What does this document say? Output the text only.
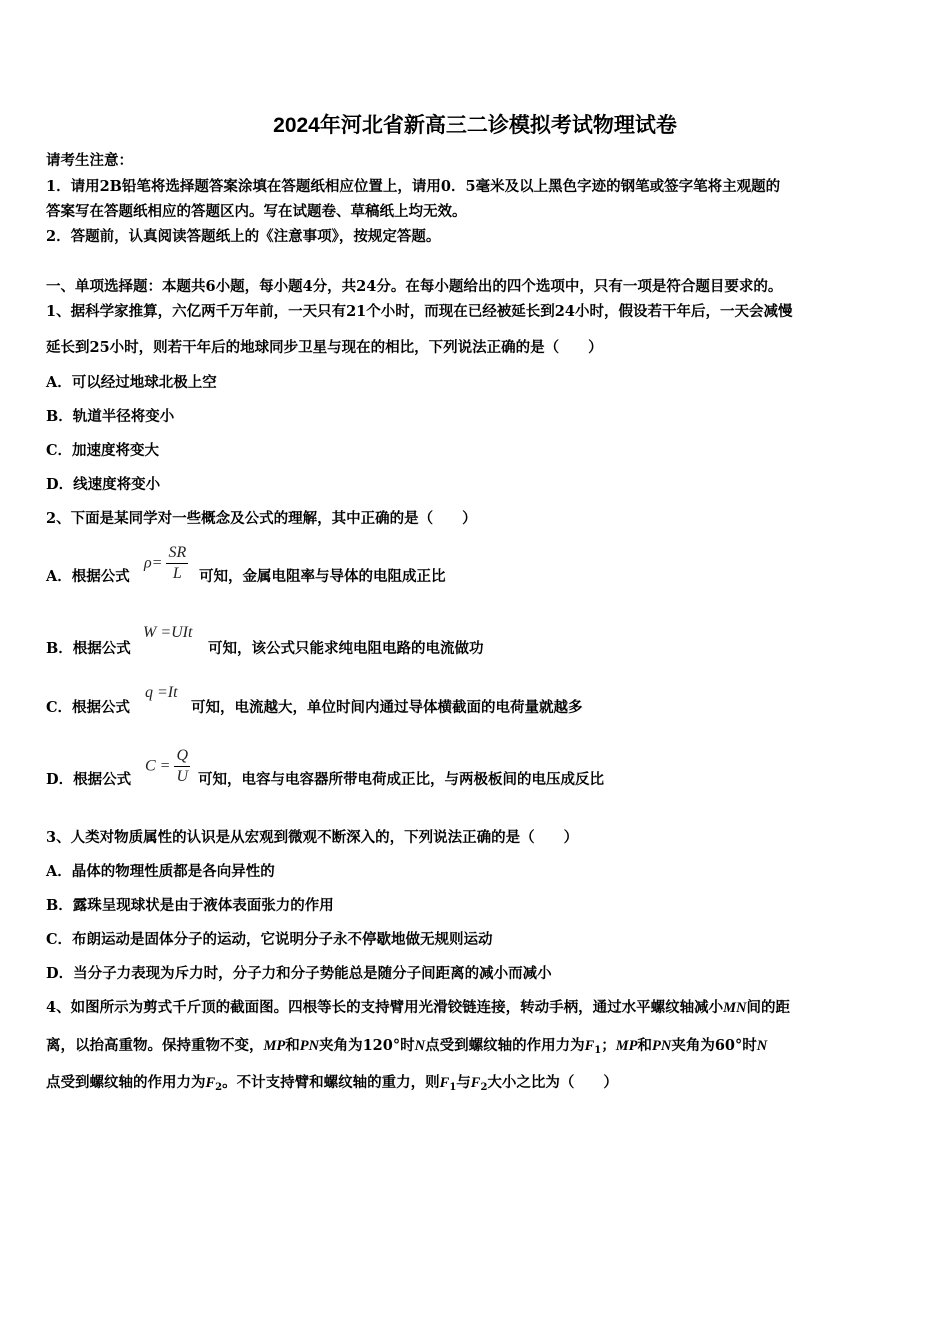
2024年河北省新高三二诊模拟考试物理试卷
请考生注意：
1．请用2B铅笔将选择题答案涂填在答题纸相应位置上，请用0．5毫米及以上黑色字迹的钢笔或签字笔将主观题的
答案写在答题纸相应的答题区内。写在试题卷、草稿纸上均无效。
2．答题前，认真阅读答题纸上的《注意事项》，按规定答题。
一、单项选择题：本题共6小题，每小题4分，共24分。在每小题给出的四个选项中，只有一项是符合题目要求的。
1、据科学家推算，六亿两千万年前，一天只有21个小时，而现在已经被延长到24小时，假设若干年后，一天会减慢
延长到25小时，则若干年后的地球同步卫星与现在的相比，下列说法正确的是（　　）
A．可以经过地球北极上空
B．轨道半径将变小
C．加速度将变大
D．线速度将变小
2、下面是某同学对一些概念及公式的理解，其中正确的是（　　）
A．根据公式
$\rho= \frac{SR}{L}$ 可知，金属电阻率与导体的电阻成正比
B．根据公式
W =UIt
可知，该公式只能求纯电阻电路的电流做功
C．根据公式
q =It
可知，电流越大，单位时间内通过导体横截面的电荷量就越多
D．根据公式
$C = \frac{Q}{U}$ 可知，电容与电容器所带电荷成正比，与两极板间的电压成反比
3、人类对物质属性的认识是从宏观到微观不断深入的，下列说法正确的是（　　）
A．晶体的物理性质都是各向异性的
B．露珠呈现球状是由于液体表面张力的作用
C．布朗运动是固体分子的运动，它说明分子永不停歇地做无规则运动
D．当分子力表现为斥力时，分子力和分子势能总是随分子间距离的减小而减小
4、如图所示为剪式千斤顶的截面图。四根等长的支持臂用光滑铰链连接，转动手柄，通过水平螺纹轴减小MN间的距
离，以抬高重物。保持重物不变，MP和PN夹角为120°时N点受到螺纹轴的作用力为$F_1$；MP和PN夹角为60°时N
点受到螺纹轴的作用力为$F_2$。不计支持臂和螺纹轴的重力，则$F_1$与$F_2$大小之比为（　　）
